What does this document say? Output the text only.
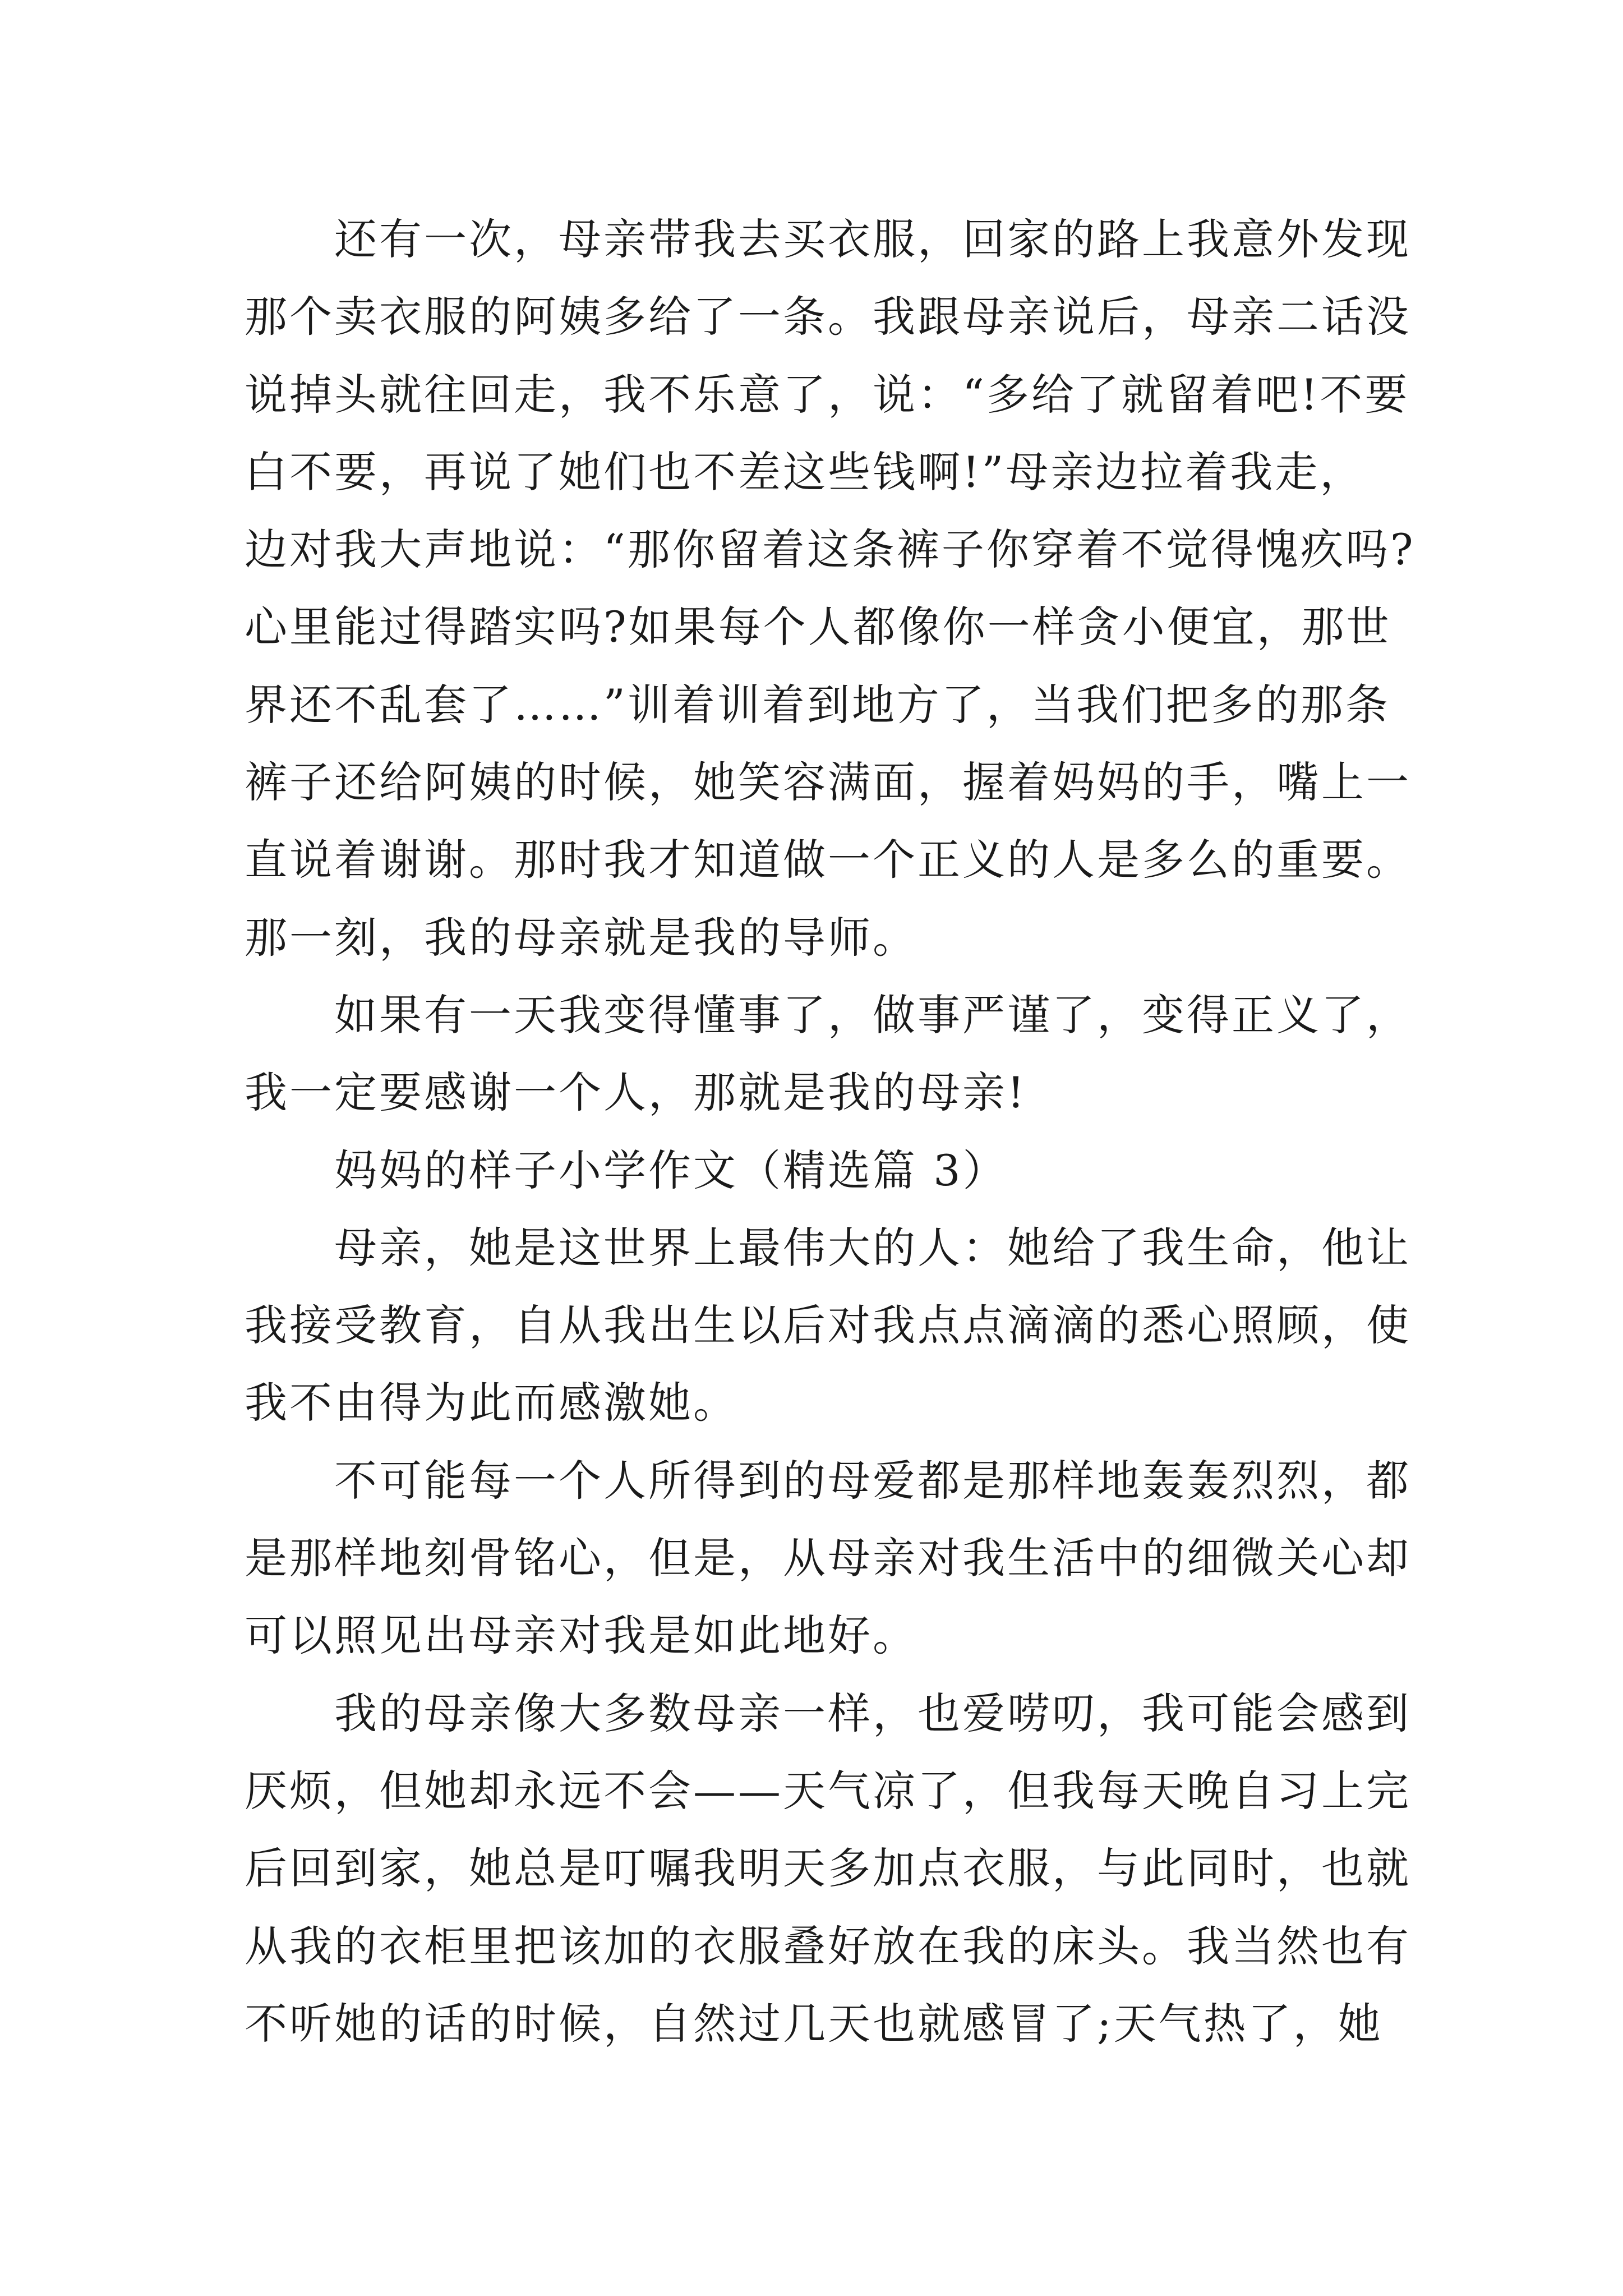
还有一次，母亲带我去买衣服，回家的路上我意外发现
那个卖衣服的阿姨多给了一条。我跟母亲说后，母亲二话没
说掉头就往回走，我不乐意了，说：“多给了就留着吧!不要
白不要，再说了她们也不差这些钱啊!”母亲边拉着我走，
边对我大声地说：“那你留着这条裤子你穿着不觉得愧疚吗?
心里能过得踏实吗?如果每个人都像你一样贪小便宜，那世
界还不乱套了……”训着训着到地方了，当我们把多的那条
裤子还给阿姨的时候，她笑容满面，握着妈妈的手，嘴上一
直说着谢谢。那时我才知道做一个正义的人是多么的重要。
那一刻，我的母亲就是我的导师。
如果有一天我变得懂事了，做事严谨了，变得正义了，
我一定要感谢一个人，那就是我的母亲!
妈妈的样子小学作文（精选篇 3）
母亲，她是这世界上最伟大的人：她给了我生命，他让
我接受教育，自从我出生以后对我点点滴滴的悉心照顾，使
我不由得为此而感激她。
不可能每一个人所得到的母爱都是那样地轰轰烈烈，都
是那样地刻骨铭心，但是，从母亲对我生活中的细微关心却
可以照见出母亲对我是如此地好。
我的母亲像大多数母亲一样，也爱唠叨，我可能会感到
厌烦，但她却永远不会——天气凉了，但我每天晚自习上完
后回到家，她总是叮嘱我明天多加点衣服，与此同时，也就
从我的衣柜里把该加的衣服叠好放在我的床头。我当然也有
不听她的话的时候，自然过几天也就感冒了;天气热了，她
